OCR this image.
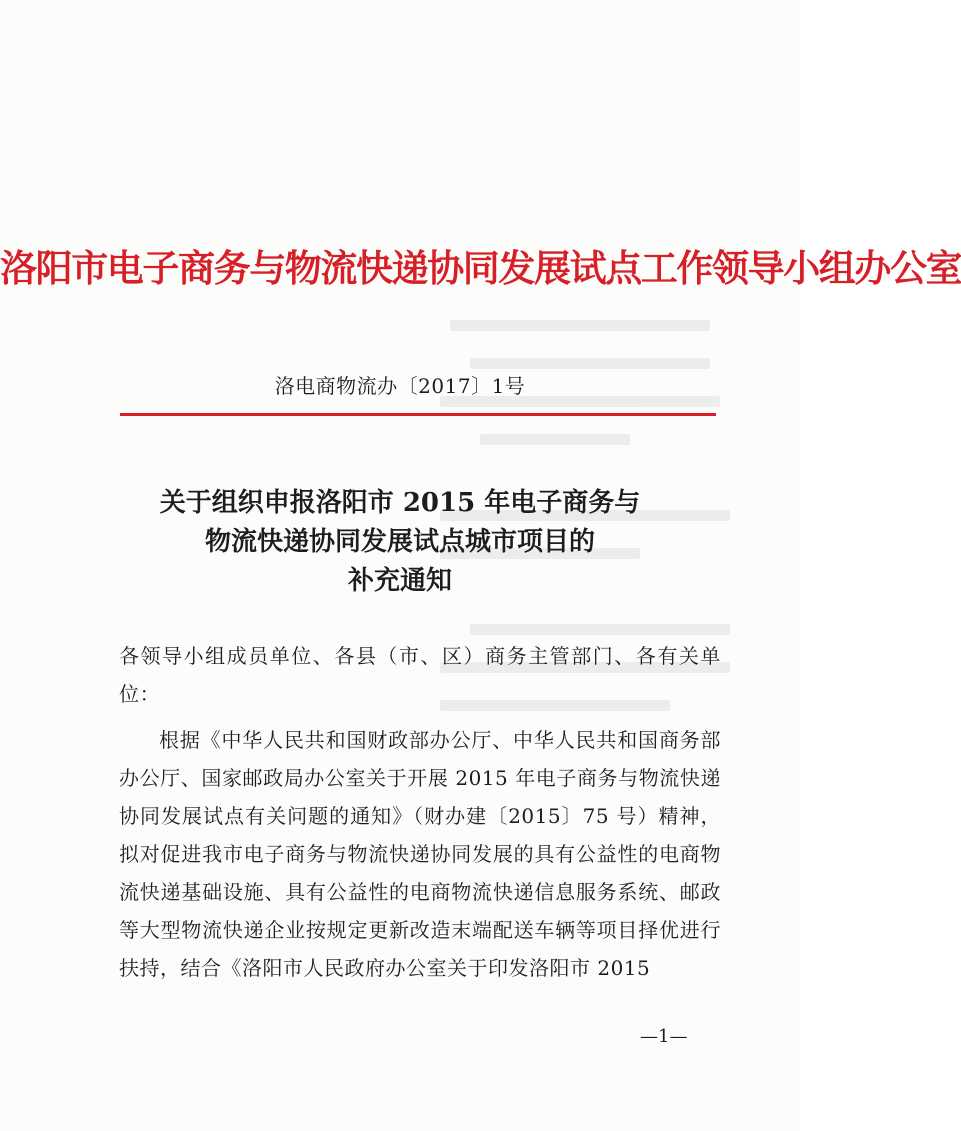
洛阳市电子商务与物流快递协同发展试点工作领导小组办公室
洛电商物流办〔2017〕1号
关于组织申报洛阳市 2015 年电子商务与
物流快递协同发展试点城市项目的
补充通知
各领导小组成员单位、各县（市、区）商务主管部门、各有关单位：
根据《中华人民共和国财政部办公厅、中华人民共和国商务部办公厅、国家邮政局办公室关于开展 2015 年电子商务与物流快递协同发展试点有关问题的通知》（财办建〔2015〕75 号）精神，拟对促进我市电子商务与物流快递协同发展的具有公益性的电商物流快递基础设施、具有公益性的电商物流快递信息服务系统、邮政等大型物流快递企业按规定更新改造末端配送车辆等项目择优进行扶持，结合《洛阳市人民政府办公室关于印发洛阳市 2015
—1—
